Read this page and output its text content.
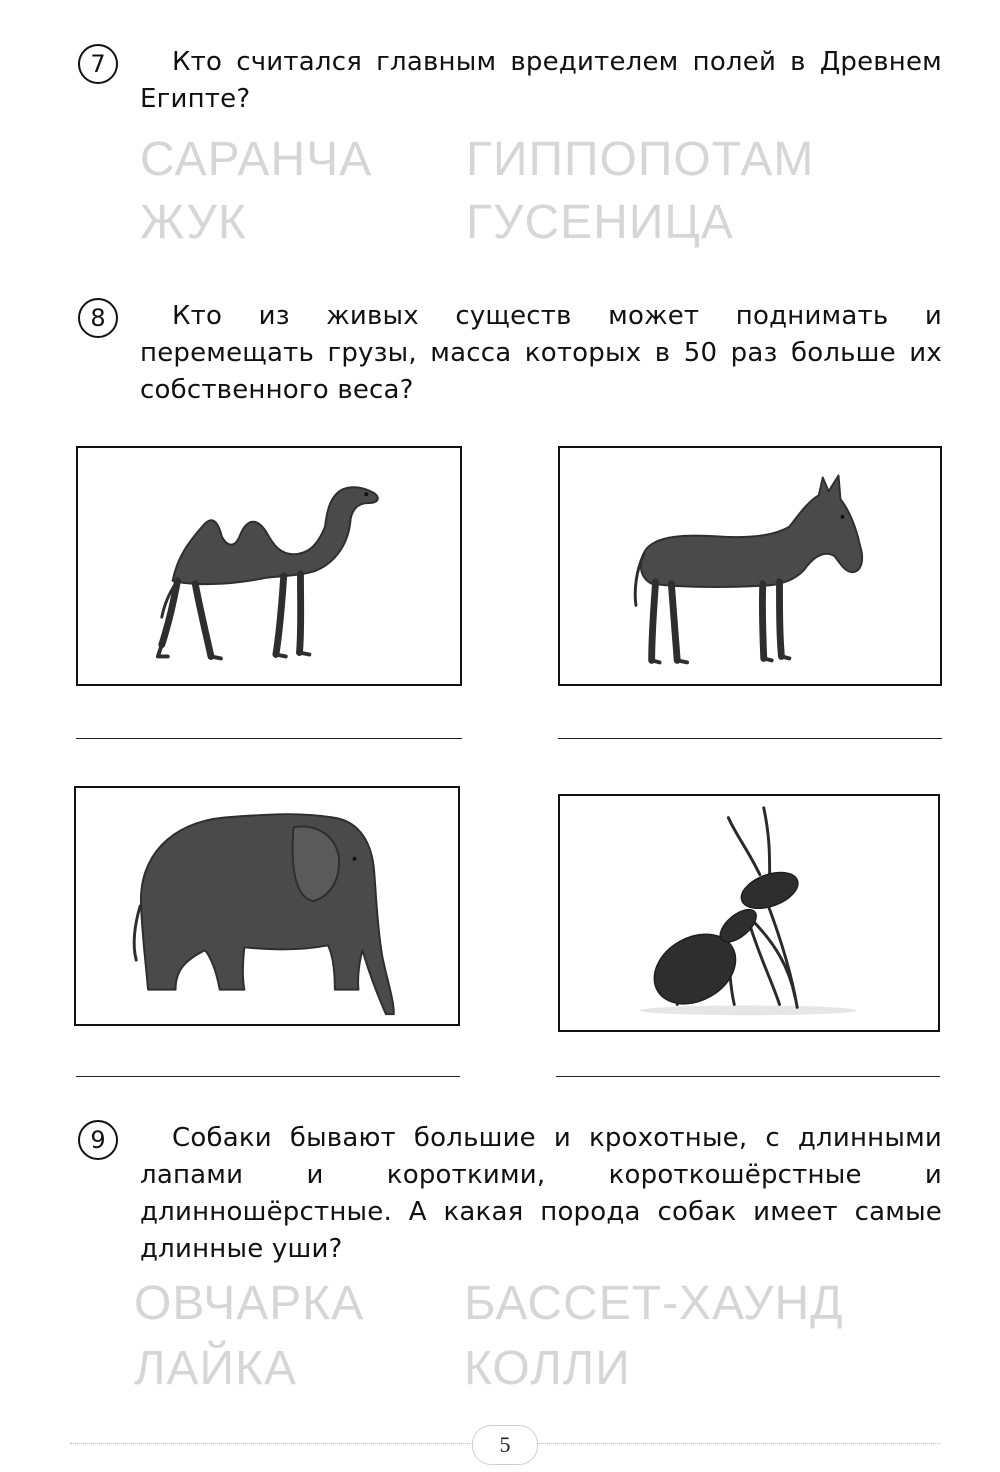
7	Кто считался главным вредителем полей в Древнем Египте?
САРАНЧА ГИППОПОТАМ
ЖУК	ГУСЕНИЦА
8	Кто из живых существ может поднимать и перемещать грузы, масса которых в 50 раз больше их собственного веса?
9	Собаки бывают большие и крохотные, с длинными лапами и короткими, короткошёрстные и длинношёрстные. А какая порода собак имеет самые длинные уши?
ОВЧАРКА БАССЕТ-ХАУНД
ЛАЙКА	КОЛЛИ
5
